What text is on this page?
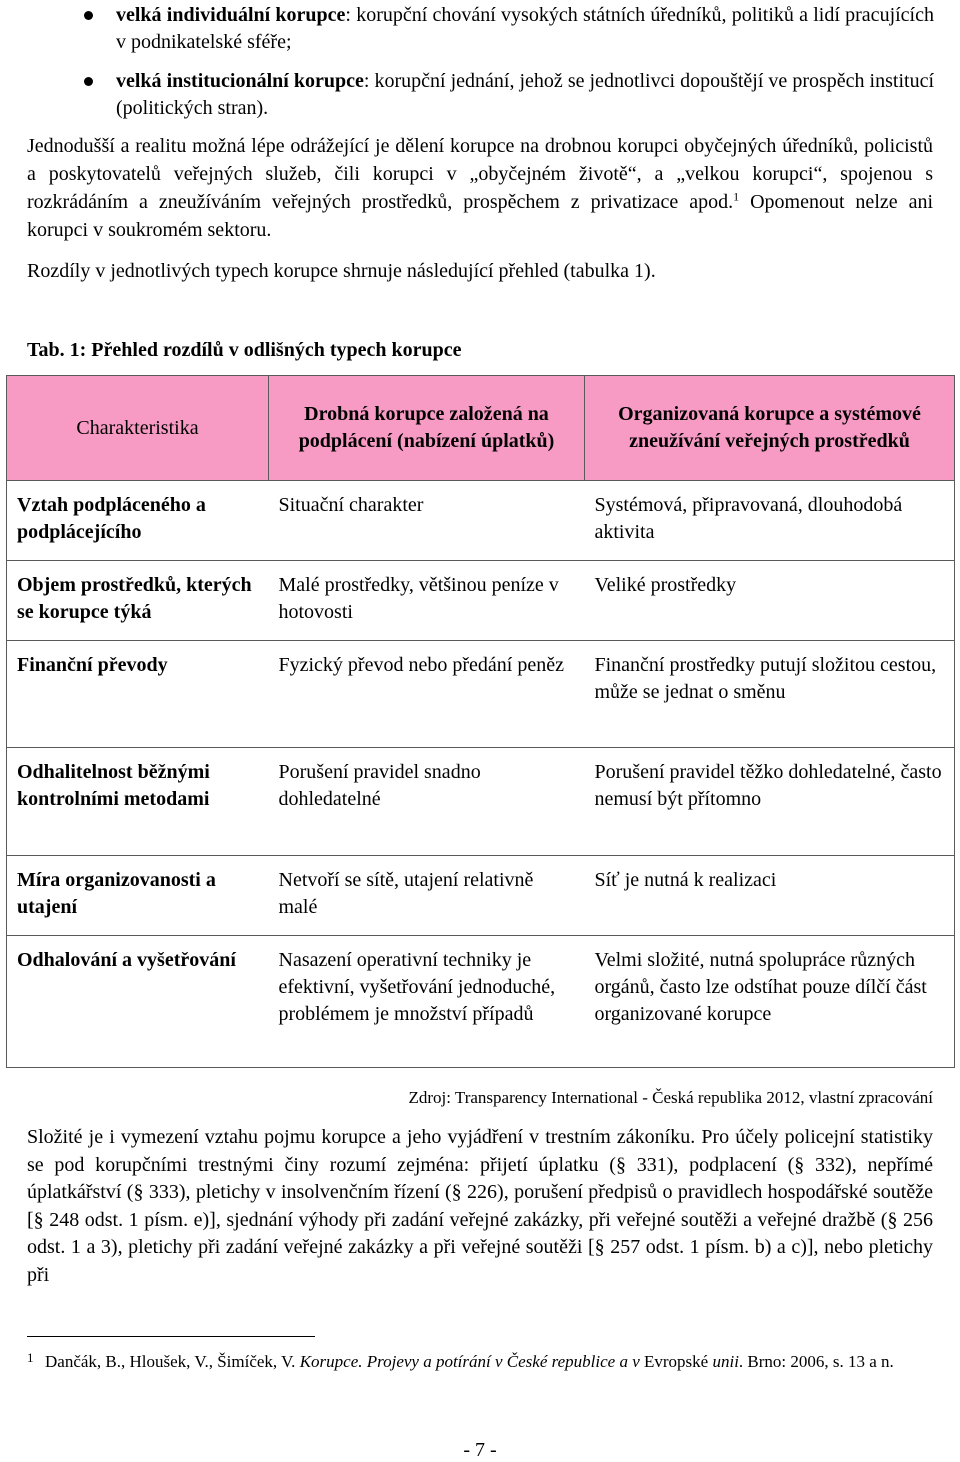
velká individuální korupce: korupční chování vysokých státních úředníků, politiků a lidí pracujících v podnikatelské sféře;
velká institucionální korupce: korupční jednání, jehož se jednotlivci dopouštějí ve prospěch institucí (politických stran).
Jednodušší a realitu možná lépe odrážející je dělení korupce na drobnou korupci obyčejných úředníků, policistů a poskytovatelů veřejných služeb, čili korupci v „obyčejném životě“, a „velkou korupci“, spojenou s rozkrádáním a zneužíváním veřejných prostředků, prospěchem z privatizace apod.$^1$ Opomenout nelze ani korupci v soukromém sektoru.
Rozdíly v jednotlivých typech korupce shrnuje následující přehled (tabulka 1).
Tab. 1: Přehled rozdílů v odlišných typech korupce
Charakteristika	Drobná korupce založená na podplácení (nabízení úplatků)	Organizovaná korupce a systémové zneužívání veřejných prostředků
Vztah podpláceného a podplácejícího	Situační charakter	Systémová, připravovaná, dlouhodobá aktivita
Objem prostředků, kterých se korupce týká	Malé prostředky, většinou peníze v hotovosti	Veliké prostředky
Finanční převody	Fyzický převod nebo předání peněz	Finanční prostředky putují složitou cestou, může se jednat o směnu
Odhalitelnost běžnými kontrolními metodami	Porušení pravidel snadno dohledatelné	Porušení pravidel těžko dohledatelné, často nemusí být přítomno
Míra organizovanosti a utajení	Netvoří se sítě, utajení relativně malé	Síť je nutná k realizaci
Odhalování a vyšetřování	Nasazení operativní techniky je efektivní, vyšetřování jednoduché, problémem je množství případů	Velmi složité, nutná spolupráce různých orgánů, často lze odstíhat pouze dílčí část organizované korupce
Zdroj: Transparency International - Česká republika 2012, vlastní zpracování
Složité je i vymezení vztahu pojmu korupce a jeho vyjádření v trestním zákoníku. Pro účely policejní statistiky se pod korupčními trestnými činy rozumí zejména: přijetí úplatku (§ 331), podplacení (§ 332), nepřímé úplatkářství (§ 333), pletichy v insolvenčním řízení (§ 226), porušení předpisů o pravidlech hospodářské soutěže [§ 248 odst. 1 písm. e)], sjednání výhody při zadání veřejné zakázky, při veřejné soutěži a veřejné dražbě (§ 256 odst. 1 a 3), pletichy při zadání veřejné zakázky a při veřejné soutěži [§ 257 odst. 1 písm. b) a c)], nebo pletichy při
1 Dančák, B., Hloušek, V., Šimíček, V. Korupce. Projevy a potírání v České republice a v Evropské unii. Brno: 2006, s. 13 a n.
- 7 -
